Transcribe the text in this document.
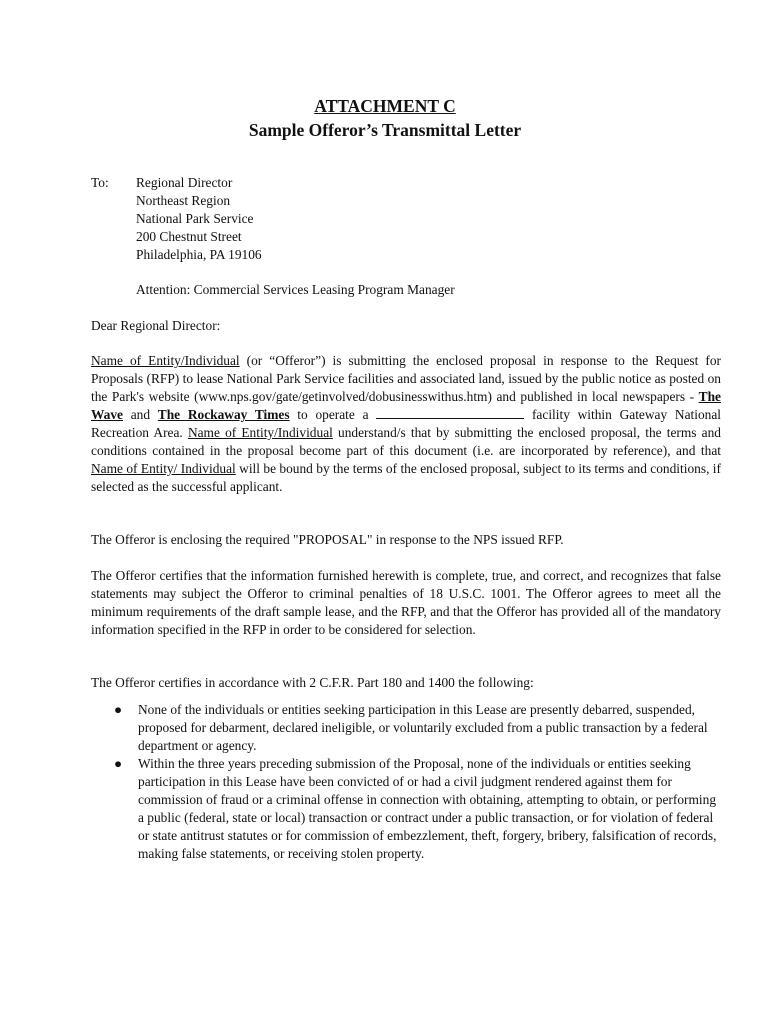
ATTACHMENT C
Sample Offeror’s Transmittal Letter
To: Regional Director
Northeast Region
National Park Service
200 Chestnut Street
Philadelphia, PA 19106
Attention: Commercial Services Leasing Program Manager
Dear Regional Director:
Name of Entity/Individual (or “Offeror”) is submitting the enclosed proposal in response to the Request for Proposals (RFP) to lease National Park Service facilities and associated land, issued by the public notice as posted on the Park's website (www.nps.gov/gate/getinvolved/dobusinesswithus.htm) and published in local newspapers - The Wave and The Rockaway Times to operate a	facility within Gateway National Recreation Area. Name of Entity/Individual understand/s that by submitting the enclosed proposal, the terms and conditions contained in the proposal become part of this document (i.e. are incorporated by reference), and that Name of Entity/ Individual will be bound by the terms of the enclosed proposal, subject to its terms and conditions, if selected as the successful applicant.
The Offeror is enclosing the required "PROPOSAL" in response to the NPS issued RFP.
The Offeror certifies that the information furnished herewith is complete, true, and correct, and recognizes that false statements may subject the Offeror to criminal penalties of 18 U.S.C. 1001. The Offeror agrees to meet all the minimum requirements of the draft sample lease, and the RFP, and that the Offeror has provided all of the mandatory information specified in the RFP in order to be considered for selection.
The Offeror certifies in accordance with 2 C.F.R. Part 180 and 1400 the following:
● None of the individuals or entities seeking participation in this Lease are presently debarred, suspended, proposed for debarment, declared ineligible, or voluntarily excluded from a public transaction by a federal department or agency.
● Within the three years preceding submission of the Proposal, none of the individuals or entities seeking participation in this Lease have been convicted of or had a civil judgment rendered against them for commission of fraud or a criminal offense in connection with obtaining, attempting to obtain, or performing a public (federal, state or local) transaction or contract under a public transaction, or for violation of federal or state antitrust statutes or for commission of embezzlement, theft, forgery, bribery, falsification of records, making false statements, or receiving stolen property.
